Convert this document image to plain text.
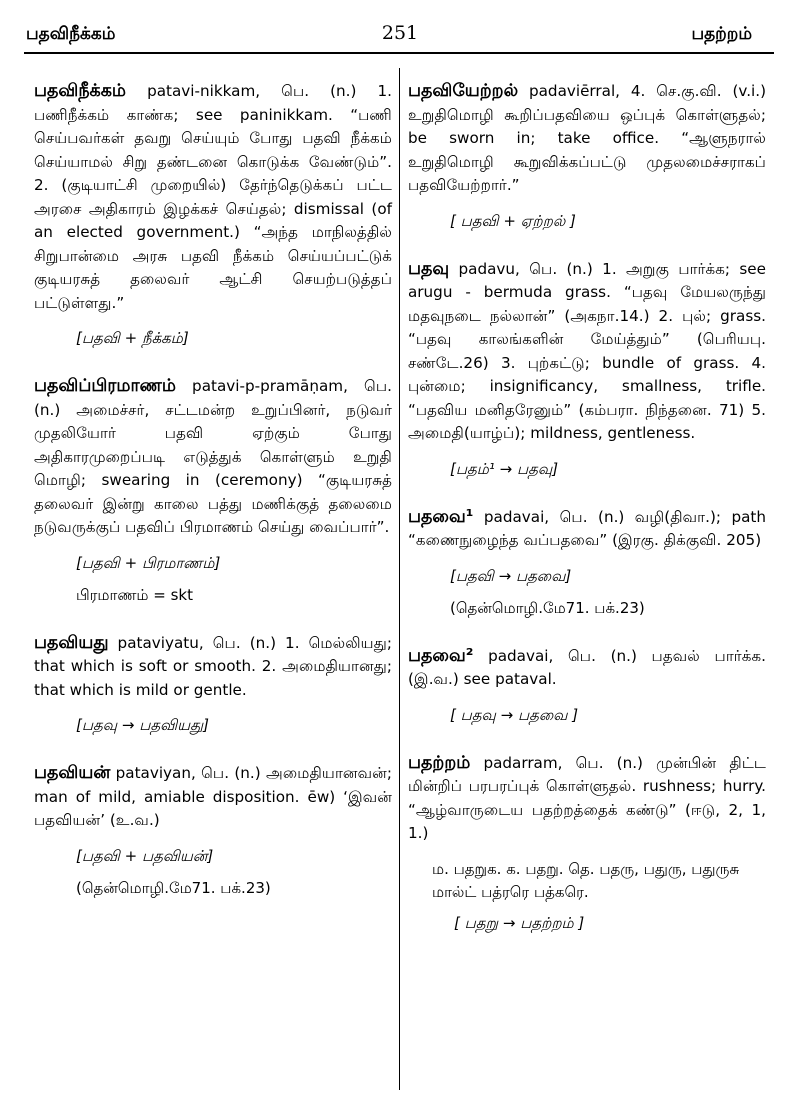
பதவிநீக்கம்	251	பதற்றம்

பதவிநீக்கம் patavi-nikkam, பெ. (n.) 1. பணிநீக்கம் காண்க; see paninikkam. “பணி செய்பவர்கள் தவறு செய்யும் போது பதவி நீக்கம் செய்யாமல் சிறு தண்டனை கொடுக்க வேண்டும்”. 2. (குடியாட்சி முறையில்) தேர்ந்தெடுக்கப் பட்ட அரசை அதிகாரம் இழக்கச் செய்தல்; dismissal (of an elected government.) “அந்த மாநிலத்தில் சிறுபான்மை அரசு பதவி நீக்கம் செய்யப்பட்டுக் குடியரசுத் தலைவர் ஆட்சி செயற்படுத்தப் பட்டுள்ளது.”

[பதவி + நீக்கம்]

பதவிப்பிரமாணம் patavi-p-pramāṇam, பெ. (n.) அமைச்சர், சட்டமன்ற உறுப்பினர், நடுவர் முதலியோர் பதவி ஏற்கும் போது அதிகாரமுறைப்படி எடுத்துக் கொள்ளும் உறுதி மொழி; swearing in (ceremony) “குடியரசுத் தலைவர் இன்று காலை பத்து மணிக்குத் தலைமை நடுவருக்குப் பதவிப் பிரமாணம் செய்து வைப்பார்”.

[பதவி + பிரமாணம்]
பிரமாணம் = skt

பதவியது pataviyatu, பெ. (n.) 1. மெல்லியது; that which is soft or smooth. 2. அமைதியானது; that which is mild or gentle.

[பதவு → பதவியது]

பதவியன் pataviyan, பெ. (n.) அமைதியானவன்; man of mild, amiable disposition. ēw) ‘இவன் பதவியன்’ (உ.வ.)

[பதவி + பதவியன்]
(தென்மொழி.மே71. பக்.23)

பதவியேற்றல் padaviērral, 4. செ.கு.வி. (v.i.) உறுதிமொழி கூறிப்பதவியை ஒப்புக் கொள்ளுதல்; be sworn in; take office. “ஆளுநரால் உறுதிமொழி கூறுவிக்கப்பட்டு முதலமைச்சராகப் பதவியேற்றார்.”

[ பதவி + ஏற்றல் ]

பதவு padavu, பெ. (n.) 1. அறுகு பார்க்க; see arugu - bermuda grass. “பதவு மேயலருந்து மதவுநடை நல்லான்” (அகநா.14.) 2. புல்; grass. “பதவு காலங்களின் மேய்த்தும்” (பெரியபு. சண்டே.26) 3. புற்கட்டு; bundle of grass. 4. புன்மை; insignificancy, smallness, trifle. “பதவிய மனிதரேனும்” (கம்பரா. நிந்தனை. 71) 5. அமைதி(யாழ்ப்); mildness, gentleness.

[பதம்¹ → பதவு]

பதவை¹ padavai, பெ. (n.) வழி(திவா.); path “கணைநுழைந்த வப்பதவை” (இரகு. திக்குவி. 205)

[பதவி → பதவை]
(தென்மொழி.மே71. பக்.23)

பதவை² padavai, பெ. (n.) பதவல் பார்க்க. (இ.வ.) see pataval.

[ பதவு → பதவை ]

பதற்றம் padarram, பெ. (n.) முன்பின் திட்ட மின்றிப் பரபரப்புக் கொள்ளுதல். rushness; hurry. “ஆழ்வாருடைய பதற்றத்தைக் கண்டு” (ஈடு, 2, 1, 1.)

ம. பதறுக. க. பதறு. தெ. பதரு, பதுரு, பதுருசு மால்ட் பத்ரரெ பத்கரெ.
[ பதறு → பதற்றம் ]
